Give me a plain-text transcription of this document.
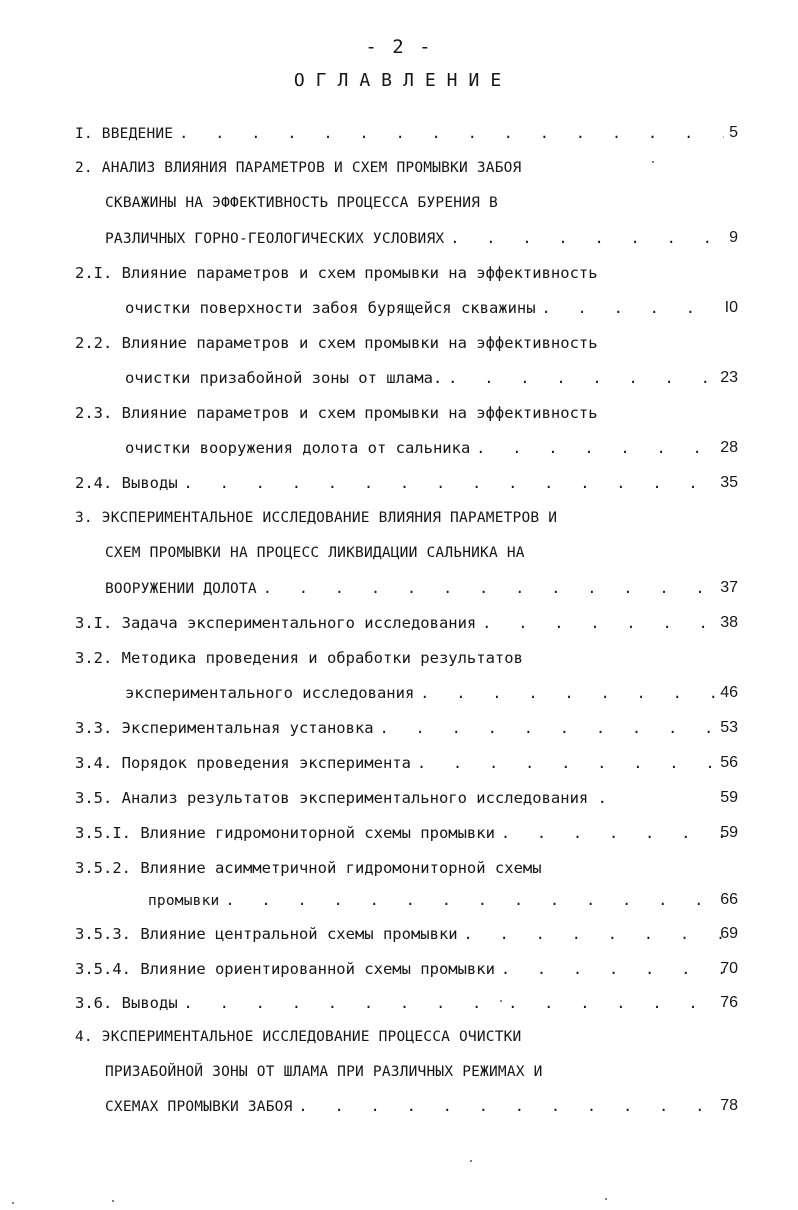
- 2 -
ОГЛАВЛЕНИЕ
I. ВВЕДЕНИЕ . . .	5
2. АНАЛИЗ ВЛИЯНИЯ ПАРАМЕТРОВ И СХЕМ ПРОМЫВКИ ЗАБОЯ
СКВАЖИНЫ НА ЭФФЕКТИВНОСТЬ ПРОЦЕССА БУРЕНИЯ В
РАЗЛИЧНЫХ ГОРНО-ГЕОЛОГИЧЕСКИХ УСЛОВИЯХ . . .	9
2.I. Влияние параметров и схем промывки на эффективность
очистки поверхности забоя бурящейся скважины . . .	I0
2.2. Влияние параметров и схем промывки на эффективность
очистки призабойной зоны от шлама. . . .	23
2.3. Влияние параметров и схем промывки на эффективность
очистки вооружения долота от сальника . . .	28
2.4. Выводы . . .	35
3. ЭКСПЕРИМЕНТАЛЬНОЕ ИССЛЕДОВАНИЕ ВЛИЯНИЯ ПАРАМЕТРОВ И
СХЕМ ПРОМЫВКИ НА ПРОЦЕСС ЛИКВИДАЦИИ САЛЬНИКА НА
ВООРУЖЕНИИ ДОЛОТА . . .	37
3.I. Задача экспериментального исследования . . .	38
3.2. Методика проведения и обработки результатов
экспериментального исследования . . .	46
3.3. Экспериментальная установка . . .	53
3.4. Порядок проведения эксперимента . . .	56
3.5. Анализ результатов экспериментального исследования .	59
3.5.I. Влияние гидромониторной схемы промывки . . .	59
3.5.2. Влияние асимметричной гидромониторной схемы
промывки . . .	66
3.5.3. Влияние центральной схемы промывки . . .	69
3.5.4. Влияние ориентированной схемы промывки . . .	70
3.6. Выводы . . .	76
4. ЭКСПЕРИМЕНТАЛЬНОЕ ИССЛЕДОВАНИЕ ПРОЦЕССА ОЧИСТКИ
ПРИЗАБОЙНОЙ ЗОНЫ ОТ ШЛАМА ПРИ РАЗЛИЧНЫХ РЕЖИМАХ И
СХЕМАХ ПРОМЫВКИ ЗАБОЯ . . .	78
